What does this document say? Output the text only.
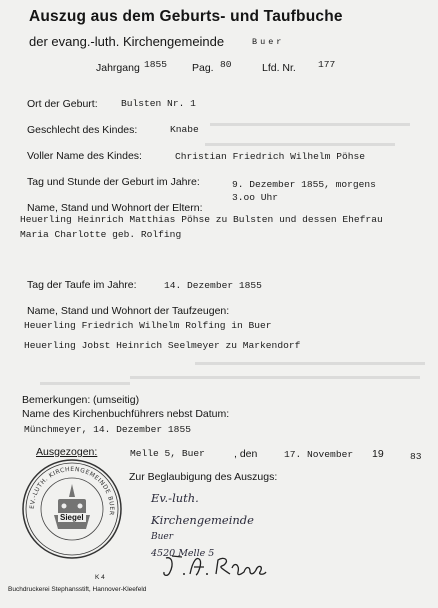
Auszug aus dem Geburts- und Taufbuche
der evang.-luth. Kirchengemeinde	Buer
Jahrgang 1855 Pag. 80	Lfd. Nr. 177
Ort der Geburt: Bulsten Nr. 1
Geschlecht des Kindes:	Knabe
Voller Name des Kindes:	Christian Friedrich Wilhelm Pöhse
Tag und Stunde der Geburt im Jahre:	9. Dezember 1855, morgens
3.oo Uhr
Name, Stand und Wohnort der Eltern:
Heuerling Heinrich Matthias Pöhse zu Bulsten und dessen Ehefrau
Maria Charlotte geb. Rolfing
Tag der Taufe im Jahre:	14. Dezember 1855
Name, Stand und Wohnort der Taufzeugen:
Heuerling Friedrich Wilhelm Rolfing in Buer
Heuerling Jobst Heinrich Seelmeyer zu Markendorf
Bemerkungen: (umseitig)
Name des Kirchenbuchführers nebst Datum:
Münchmeyer, 14. Dezember 1855
Ausgezogen:	Melle 5, Buer	, den	17. November 19	83
Zur Beglaubigung des Auszugs:
Ev.-luth.
Kirchengemeinde
Buer
4520 Melle 5
EV.-LUTH. KIRCHENGEMEINDE BUER
Siegel
K 4
Buchdruckerei Stephansstift, Hannover-Kleefeld
